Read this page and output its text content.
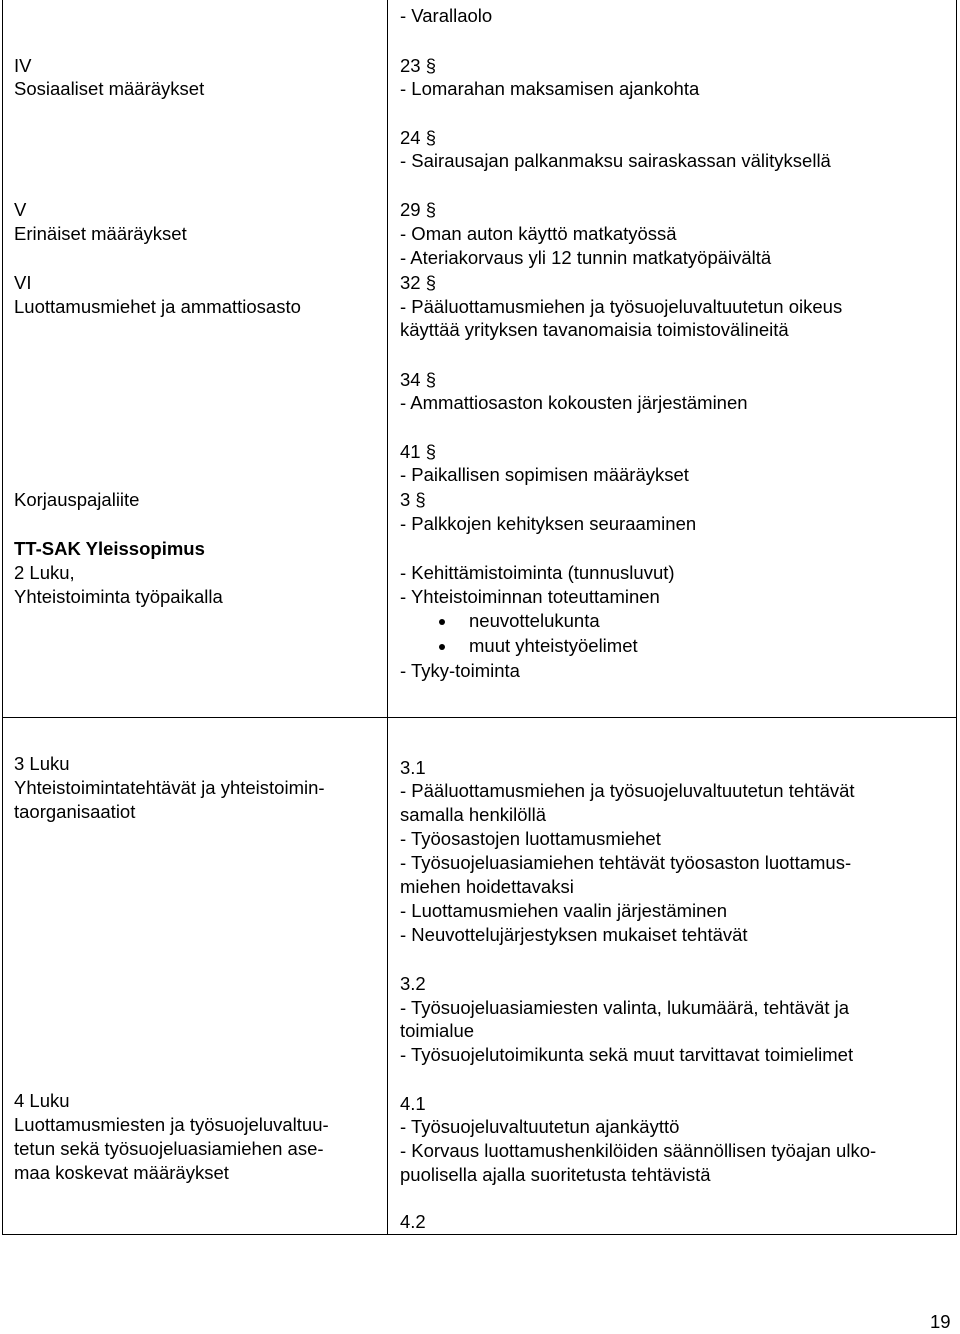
IV
Sosiaaliset määräykset
V
Erinäiset määräykset
VI
Luottamusmiehet ja ammattiosasto
Korjauspajaliite
TT-SAK Yleissopimus
2 Luku,
Yhteistoiminta työpaikalla
3 Luku
Yhteistoimintatehtävät ja yhteistoimin-
taorganisaatiot
4 Luku
Luottamusmiesten ja työsuojeluvaltuu-
tetun sekä työsuojeluasiamiehen ase-
maa koskevat määräykset
- Varallaolo
23 §
- Lomarahan maksamisen ajankohta
24 §
- Sairausajan palkanmaksu sairaskassan välityksellä
29 §
- Oman auton käyttö matkatyössä
- Ateriakorvaus yli 12 tunnin matkatyöpäivältä
32 §
- Pääluottamusmiehen ja työsuojeluvaltuutetun oikeus
käyttää yrityksen tavanomaisia toimistovälineitä
34 §
- Ammattiosaston kokousten järjestäminen
41 §
- Paikallisen sopimisen määräykset
3 §
- Palkkojen kehityksen seuraaminen
- Kehittämistoiminta (tunnusluvut)
- Yhteistoiminnan toteuttaminen
neuvottelukunta
muut yhteistyöelimet
- Tyky-toiminta
3.1
- Pääluottamusmiehen ja työsuojeluvaltuutetun tehtävät
samalla henkilöllä
- Työosastojen luottamusmiehet
- Työsuojeluasiamiehen tehtävät työosaston luottamus-
miehen hoidettavaksi
- Luottamusmiehen vaalin järjestäminen
- Neuvottelujärjestyksen mukaiset tehtävät
3.2
- Työsuojeluasiamiesten valinta, lukumäärä, tehtävät ja
toimialue
- Työsuojelutoimikunta sekä muut tarvittavat toimielimet
4.1
- Työsuojeluvaltuutetun ajankäyttö
- Korvaus luottamushenkilöiden säännöllisen työajan ulko-
puolisella ajalla suoritetusta tehtävistä
4.2
19
